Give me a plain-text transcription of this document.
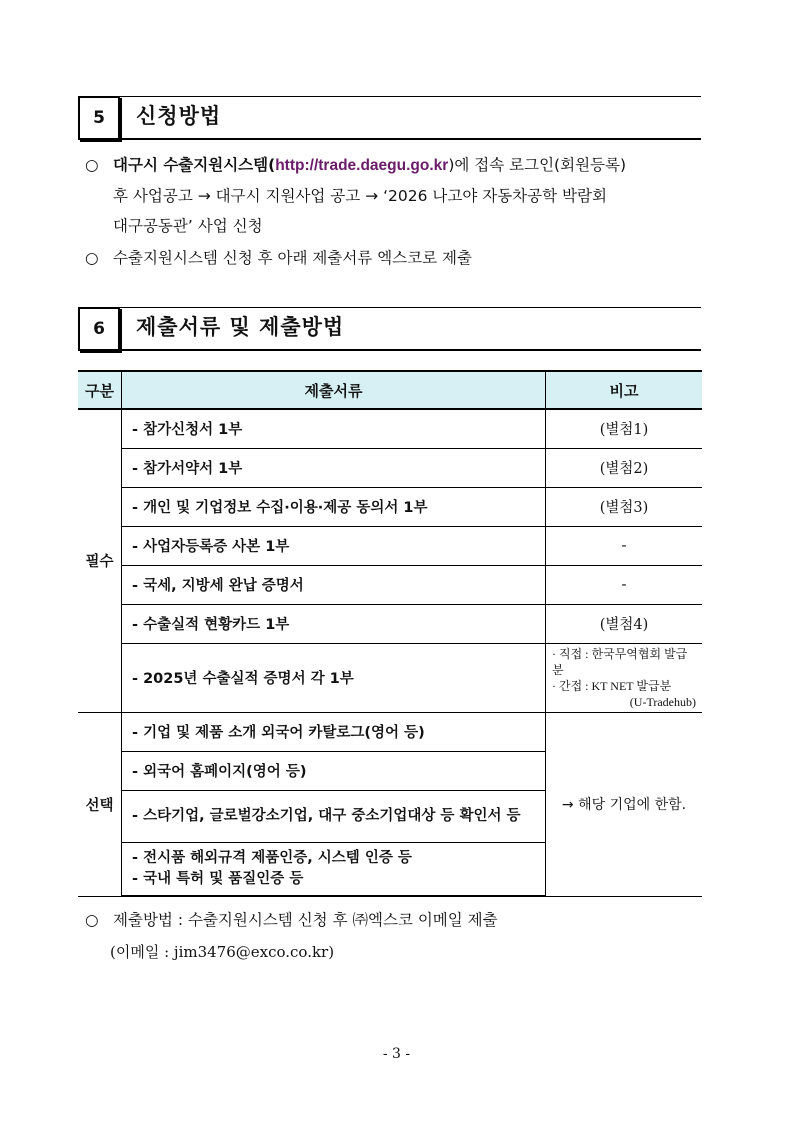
5	신청방법
○ 대구시 수출지원시스템(http://trade.daegu.go.kr)에 접속 로그인(회원등록)
후 사업공고 → 대구시 지원사업 공고 → ‘2026 나고야 자동차공학 박람회
대구공동관’ 사업 신청
○ 수출지원시스템 신청 후 아래 제출서류 엑스코로 제출
6	제출서류 및 제출방법
구분	제출서류	비고
필수	- 참가신청서 1부	(별첨1)
	- 참가서약서 1부	(별첨2)
	- 개인 및 기업정보 수집·이용·제공 동의서 1부	(별첨3)
	- 사업자등록증 사본 1부	-
	- 국세, 지방세 완납 증명서	-
	- 수출실적 현황카드 1부	(별첨4)
	- 2025년 수출실적 증명서 각 1부	· 직접 : 한국무역협회 발급분
· 간접 : KT NET 발급분
(U-Tradehub)

선택	- 기업 및 제품 소개 외국어 카탈로그(영어 등)	→ 해당 기업에 한함.
	- 외국어 홈페이지(영어 등)	
	- 스타기업, 글로벌강소기업, 대구 중소기업대상 등 확인서 등	

	- 전시품 해외규격 제품인증, 시스템 인증 등
- 국내 특허 및 품질인증 등	
○ 제출방법 : 수출지원시스템 신청 후 ㈜엑스코 이메일 제출
(이메일 : jim3476@exco.co.kr)
- 3 -
